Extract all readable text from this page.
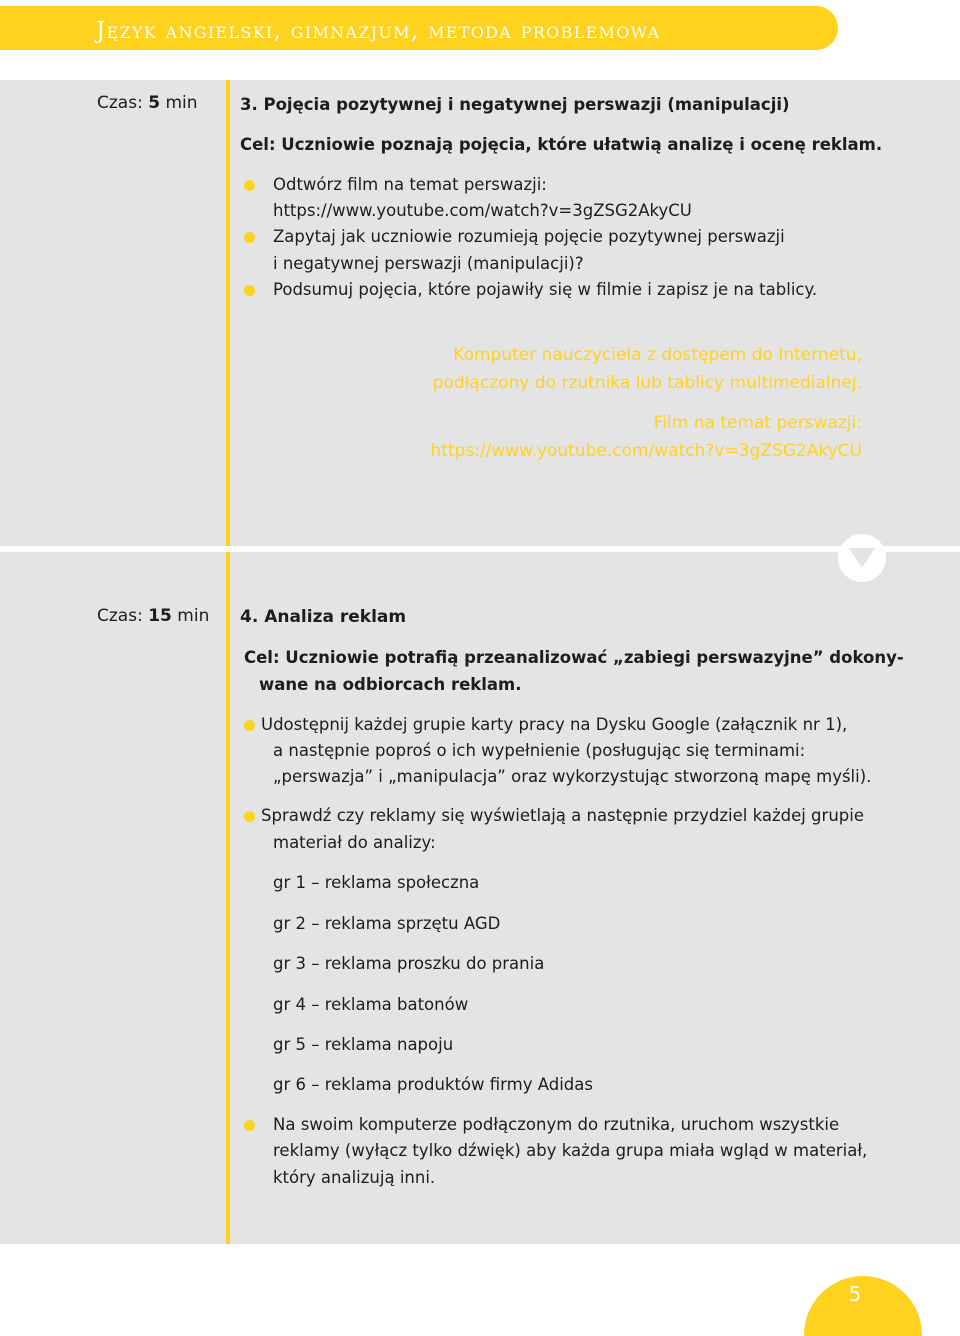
Język angielski, gimnazjum, metoda problemowa
Czas: 5 min	3. Pojęcia pozytywnej i negatywnej perswazji (manipulacji)
Cel: Uczniowie poznają pojęcia, które ułatwią analizę i ocenę reklam.
Odtwórz film na temat perswazji:
https://www.youtube.com/watch?v=3gZSG2AkyCU
Zapytaj jak uczniowie rozumieją pojęcie pozytywnej perswazji
i negatywnej perswazji (manipulacji)?
Podsumuj pojęcia, które pojawiły się w filmie i zapisz je na tablicy.
Komputer nauczyciela z dostępem do Internetu,
podłączony do rzutnika lub tablicy multimedialnej.
Film na temat perswazji:
https://www.youtube.com/watch?v=3gZSG2AkyCU
Czas: 15 min 4. Analiza reklam
Cel: Uczniowie potrafią przeanalizować „zabiegi perswazyjne” dokony-
wane na odbiorcach reklam.
Udostępnij każdej grupie karty pracy na Dysku Google (załącznik nr 1),
a następnie poproś o ich wypełnienie (posługując się terminami:
„perswazja” i „manipulacja” oraz wykorzystując stworzoną mapę myśli).
Sprawdź czy reklamy się wyświetlają a następnie przydziel każdej grupie
materiał do analizy:
gr 1 – reklama społeczna
gr 2 – reklama sprzętu AGD
gr 3 – reklama proszku do prania
gr 4 – reklama batonów
gr 5 – reklama napoju
gr 6 – reklama produktów firmy Adidas
Na swoim komputerze podłączonym do rzutnika, uruchom wszystkie
reklamy (wyłącz tylko dźwięk) aby każda grupa miała wgląd w materiał,
który analizują inni.
5
